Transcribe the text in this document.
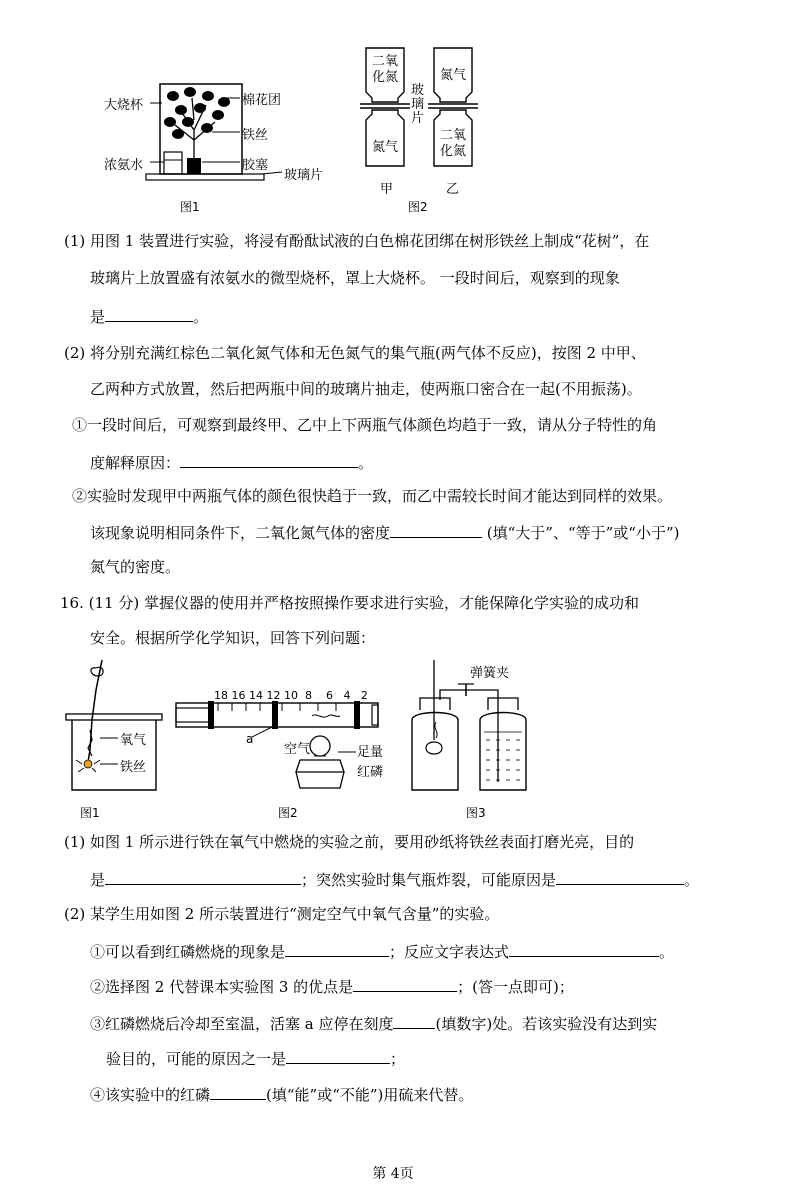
大烧杯	棉花团
铁丝
浓氨水	胶塞
玻璃片
图1
二氧
化氮
氮气
氮气
二氧
化氮
玻
璃
片
甲	乙
图2
(1) 用图 1 装置进行实验，将浸有酚酞试液的白色棉花团绑在树形铁丝上制成“花树”，在
玻璃片上放置盛有浓氨水的微型烧杯，罩上大烧杯。 一段时间后，观察到的现象
是	。
(2) 将分别充满红棕色二氧化氮气体和无色氮气的集气瓶(两气体不反应)，按图 2 中甲、
乙两种方式放置，然后把两瓶中间的玻璃片抽走，使两瓶口密合在一起(不用振荡)。
①一段时间后，可观察到最终甲、乙中上下两瓶气体颜色均趋于一致，请从分子特性的角
度解释原因：	。
②实验时发现甲中两瓶气体的颜色很快趋于一致，而乙中需较长时间才能达到同样的效果。
该现象说明相同条件下，二氧化氮气体的密度	(填“大于”、“等于”或“小于”)
氮气的密度。
16. (11 分) 掌握仪器的使用并严格按照操作要求进行实验，才能保障化学实验的成功和
安全。根据所学化学知识，回答下列问题：
氧气
铁丝
图1
18 16 14 12 10  8    6   4   2
a
空气	足量
红磷
图2
弹簧夹
图3
(1) 如图 1 所示进行铁在氧气中燃烧的实验之前，要用砂纸将铁丝表面打磨光亮，目的
是	；突然实验时集气瓶炸裂，可能原因是	。
(2) 某学生用如图 2 所示装置进行“测定空气中氧气含量”的实验。
①可以看到红磷燃烧的现象是	；反应文字表达式	。
②选择图 2 代替课本实验图 3 的优点是	；(答一点即可)；
③红磷燃烧后冷却至室温，活塞 a 应停在刻度	(填数字)处。若该实验没有达到实
验目的，可能的原因之一是	；
④该实验中的红磷	(填“能”或“不能”)用硫来代替。
第 4页
